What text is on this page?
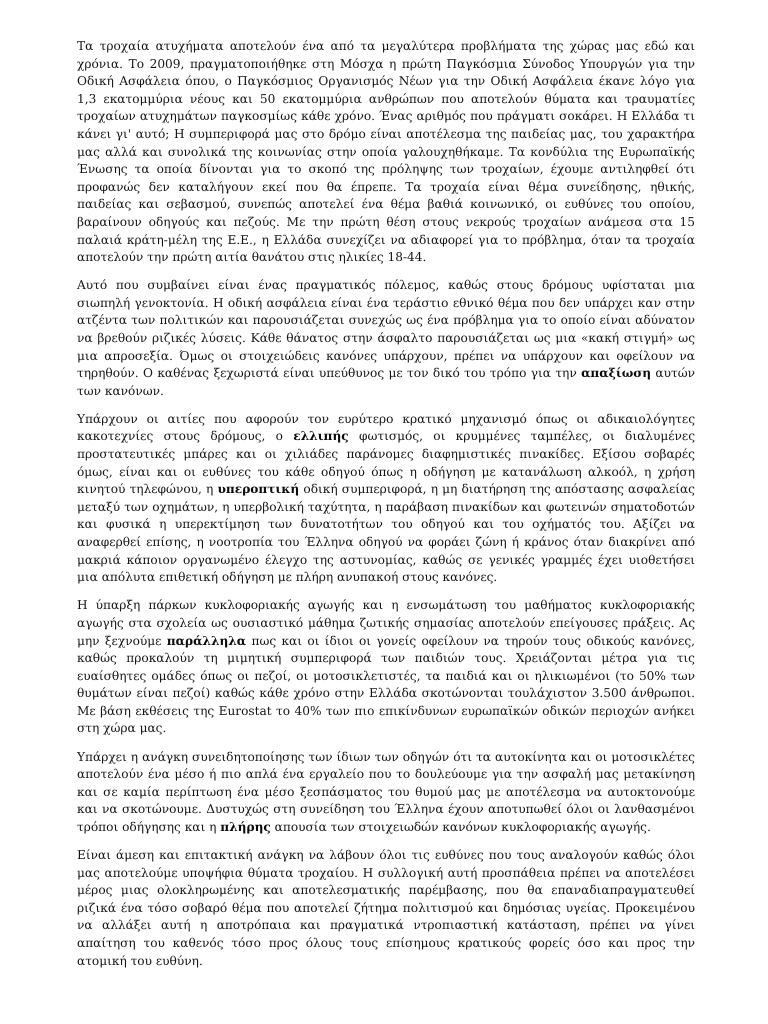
Τα τροχαία ατυχήματα αποτελούν ένα από τα μεγαλύτερα προβλήματα της χώρας μας εδώ και χρόνια. Το 2009, πραγματοποιήθηκε στη Μόσχα η πρώτη Παγκόσμια Σύνοδος Υπουργών για την Οδική Ασφάλεια όπου, ο Παγκόσμιος Οργανισμός Νέων για την Οδική Ασφάλεια έκανε λόγο για 1,3 εκατομμύρια νέους και 50 εκατομμύρια ανθρώπων που αποτελούν θύματα και τραυματίες τροχαίων ατυχημάτων παγκοσμίως κάθε χρόνο. Ένας αριθμός που πράγματι σοκάρει. Η Ελλάδα τι κάνει γι' αυτό; Η συμπεριφορά μας στο δρόμο είναι αποτέλεσμα της παιδείας μας, του χαρακτήρα μας αλλά και συνολικά της κοινωνίας στην οποία γαλουχηθήκαμε. Τα κονδύλια της Ευρωπαϊκής Ένωσης τα οποία δίνονται για το σκοπό της πρόληψης των τροχαίων, έχουμε αντιληφθεί ότι προφανώς δεν καταλήγουν εκεί που θα έπρεπε. Τα τροχαία είναι θέμα συνείδησης, ηθικής, παιδείας και σεβασμού, συνεπώς αποτελεί ένα θέμα βαθιά κοινωνικό, οι ευθύνες του οποίου, βαραίνουν οδηγούς και πεζούς. Με την πρώτη θέση στους νεκρούς τροχαίων ανάμεσα στα 15 παλαιά κράτη-μέλη της Ε.Ε., η Ελλάδα συνεχίζει να αδιαφορεί για το πρόβλημα, όταν τα τροχαία αποτελούν την πρώτη αιτία θανάτου στις ηλικίες 18-44.

Αυτό που συμβαίνει είναι ένας πραγματικός πόλεμος, καθώς στους δρόμους υφίσταται μια σιωπηλή γενοκτονία. Η οδική ασφάλεια είναι ένα τεράστιο εθνικό θέμα που δεν υπάρχει καν στην ατζέντα των πολιτικών και παρουσιάζεται συνεχώς ως ένα πρόβλημα για το οποίο είναι αδύνατον να βρεθούν ριζικές λύσεις. Κάθε θάνατος στην άσφαλτο παρουσιάζεται ως μια «κακή στιγμή» ως μια απροσεξία. Όμως οι στοιχειώδεις κανόνες υπάρχουν, πρέπει να υπάρχουν και οφείλουν να τηρηθούν. Ο καθένας ξεχωριστά είναι υπεύθυνος με τον δικό του τρόπο για την απαξίωση αυτών των κανόνων.

Υπάρχουν οι αιτίες που αφορούν τον ευρύτερο κρατικό μηχανισμό όπως οι αδικαιολόγητες κακοτεχνίες στους δρόμους, ο ελλιπής φωτισμός, οι κρυμμένες ταμπέλες, οι διαλυμένες προστατευτικές μπάρες και οι χιλιάδες παράνομες διαφημιστικές πινακίδες. Εξίσου σοβαρές όμως, είναι και οι ευθύνες του κάθε οδηγού όπως η οδήγηση με κατανάλωση αλκοόλ, η χρήση κινητού τηλεφώνου, η υπεροπτική οδική συμπεριφορά, η μη διατήρηση της απόστασης ασφαλείας μεταξύ των οχημάτων, η υπερβολική ταχύτητα, η παράβαση πινακίδων και φωτεινών σηματοδοτών και φυσικά η υπερεκτίμηση των δυνατοτήτων του οδηγού και του οχήματός του. Αξίζει να αναφερθεί επίσης, η νοοτροπία του Έλληνα οδηγού να φοράει ζώνη ή κράνος όταν διακρίνει από μακριά κάποιον οργανωμένο έλεγχο της αστυνομίας, καθώς σε γενικές γραμμές έχει υιοθετήσει μια απόλυτα επιθετική οδήγηση με πλήρη ανυπακοή στους κανόνες.

Η ύπαρξη πάρκων κυκλοφοριακής αγωγής και η ενσωμάτωση του μαθήματος κυκλοφοριακής αγωγής στα σχολεία ως ουσιαστικό μάθημα ζωτικής σημασίας αποτελούν επείγουσες πράξεις. Ας μην ξεχνούμε παράλληλα πως και οι ίδιοι οι γονείς οφείλουν να τηρούν τους οδικούς κανόνες, καθώς προκαλούν τη μιμητική συμπεριφορά των παιδιών τους. Χρειάζονται μέτρα για τις ευαίσθητες ομάδες όπως οι πεζοί, οι μοτοσικλετιστές, τα παιδιά και οι ηλικιωμένοι (το 50% των θυμάτων είναι πεζοί) καθώς κάθε χρόνο στην Ελλάδα σκοτώνονται τουλάχιστον 3.500 άνθρωποι. Με βάση εκθέσεις της Eurostat το 40% των πιο επικίνδυνων ευρωπαϊκών οδικών περιοχών ανήκει στη χώρα μας.

Υπάρχει η ανάγκη συνειδητοποίησης των ίδιων των οδηγών ότι τα αυτοκίνητα και οι μοτοσικλέτες αποτελούν ένα μέσο ή πιο απλά ένα εργαλείο που το δουλεύουμε για την ασφαλή μας μετακίνηση και σε καμία περίπτωση ένα μέσο ξεσπάσματος του θυμού μας με αποτέλεσμα να αυτοκτονούμε και να σκοτώνουμε. Δυστυχώς στη συνείδηση του Έλληνα έχουν αποτυπωθεί όλοι οι λανθασμένοι τρόποι οδήγησης και η πλήρης απουσία των στοιχειωδών κανόνων κυκλοφοριακής αγωγής.

Είναι άμεση και επιτακτική ανάγκη να λάβουν όλοι τις ευθύνες που τους αναλογούν καθώς όλοι μας αποτελούμε υποψήφια θύματα τροχαίου. Η συλλογική αυτή προσπάθεια πρέπει να αποτελέσει μέρος μιας ολοκληρωμένης και αποτελεσματικής παρέμβασης, που θα επαναδιαπραγματευθεί ριζικά ένα τόσο σοβαρό θέμα που αποτελεί ζήτημα πολιτισμού και δημόσιας υγείας. Προκειμένου να αλλάξει αυτή η αποτρόπαια και πραγματικά ντροπιαστική κατάσταση, πρέπει να γίνει απαίτηση του καθενός τόσο προς όλους τους επίσημους κρατικούς φορείς όσο και προς την ατομική του ευθύνη.
